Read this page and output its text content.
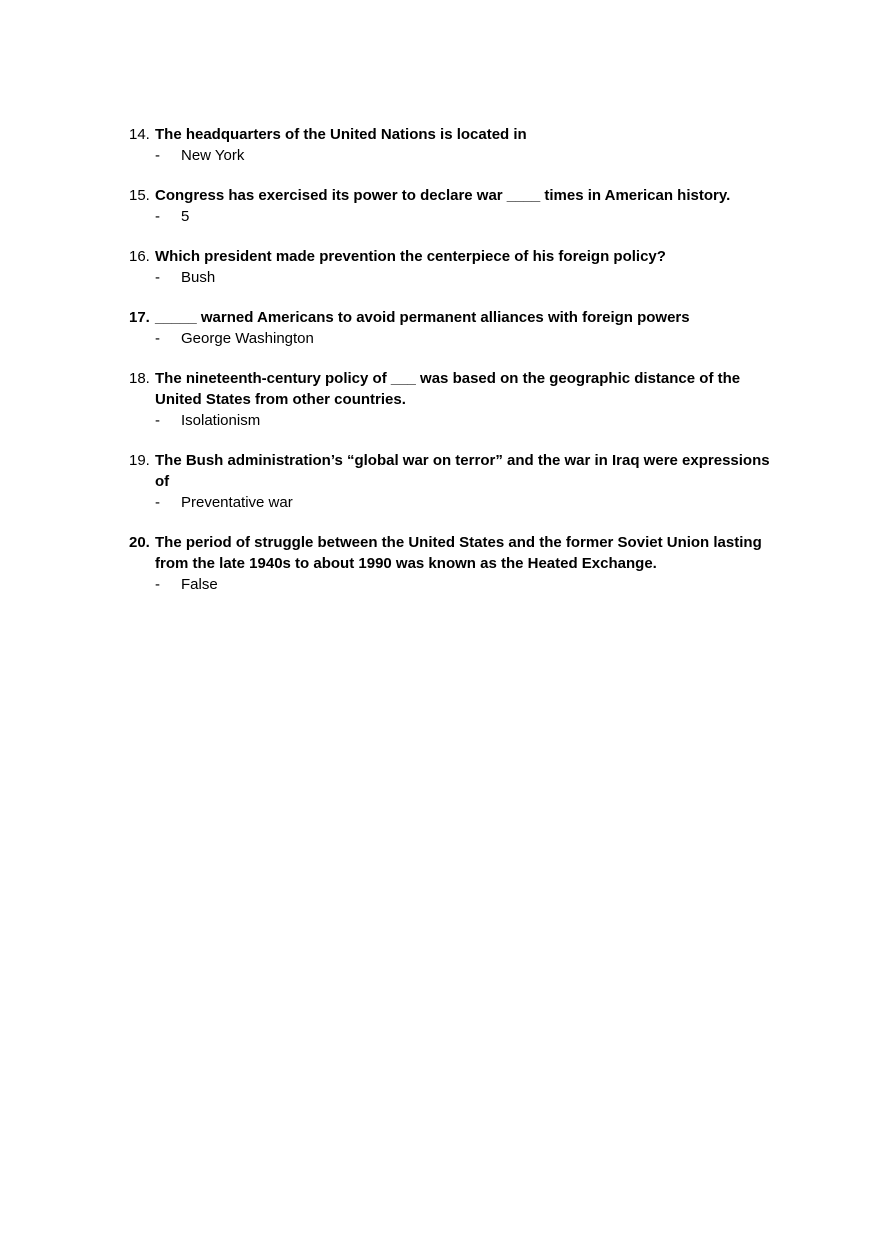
14. The headquarters of the United Nations is located in
-	New York
15. Congress has exercised its power to declare war ____ times in American history.
-	5
16. Which president made prevention the centerpiece of his foreign policy?
-	Bush
17. _____ warned Americans to avoid permanent alliances with foreign powers
-	George Washington
18. The nineteenth-century policy of ___ was based on the geographic distance of the United States from other countries.
-	Isolationism
19. The Bush administration’s “global war on terror” and the war in Iraq were expressions of
-	Preventative war
20. The period of struggle between the United States and the former Soviet Union lasting from the late 1940s to about 1990 was known as the Heated Exchange.
-	False
